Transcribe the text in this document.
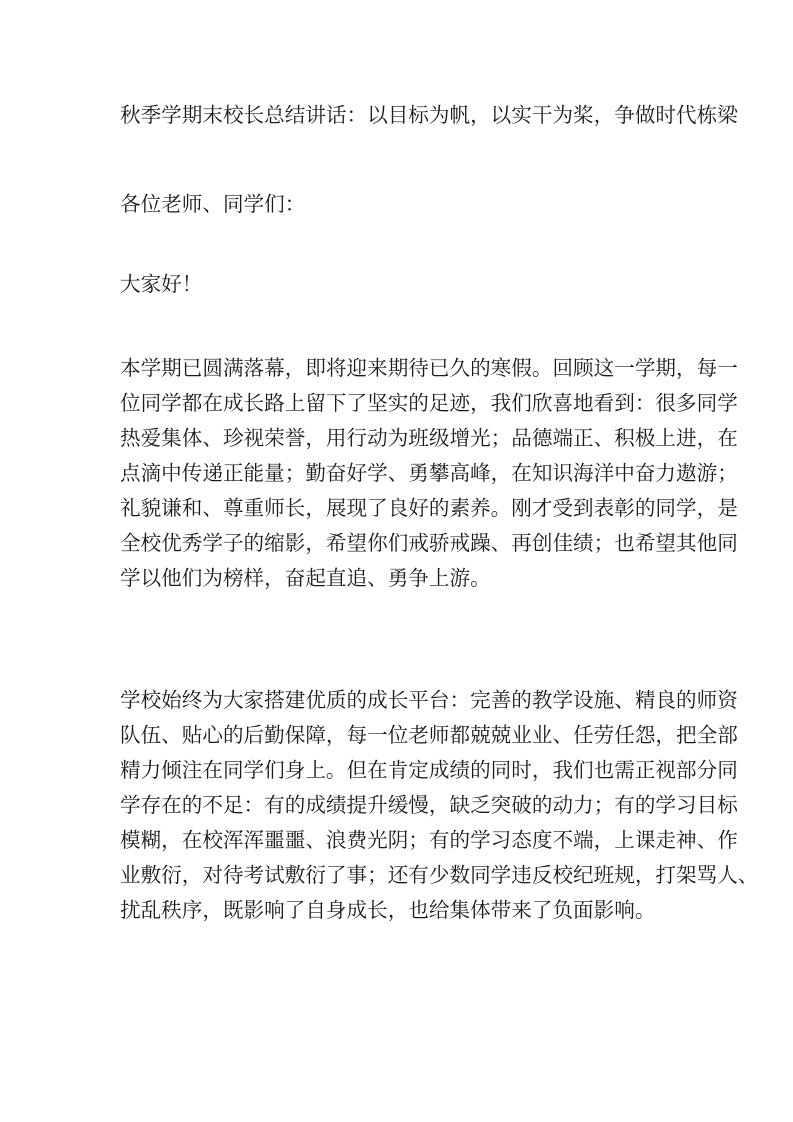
秋季学期末校长总结讲话：以目标为帆，以实干为桨，争做时代栋梁
各位老师、同学们：
大家好！
本学期已圆满落幕，即将迎来期待已久的寒假。回顾这一学期，每一
位同学都在成长路上留下了坚实的足迹，我们欣喜地看到：很多同学
热爱集体、珍视荣誉，用行动为班级增光；品德端正、积极上进，在
点滴中传递正能量；勤奋好学、勇攀高峰，在知识海洋中奋力遨游；
礼貌谦和、尊重师长，展现了良好的素养。刚才受到表彰的同学，是
全校优秀学子的缩影，希望你们戒骄戒躁、再创佳绩；也希望其他同
学以他们为榜样，奋起直追、勇争上游。
学校始终为大家搭建优质的成长平台：完善的教学设施、精良的师资
队伍、贴心的后勤保障，每一位老师都兢兢业业、任劳任怨，把全部
精力倾注在同学们身上。但在肯定成绩的同时，我们也需正视部分同
学存在的不足：有的成绩提升缓慢，缺乏突破的动力；有的学习目标
模糊，在校浑浑噩噩、浪费光阴；有的学习态度不端，上课走神、作
业敷衍，对待考试敷衍了事；还有少数同学违反校纪班规，打架骂人、
扰乱秩序，既影响了自身成长，也给集体带来了负面影响。
